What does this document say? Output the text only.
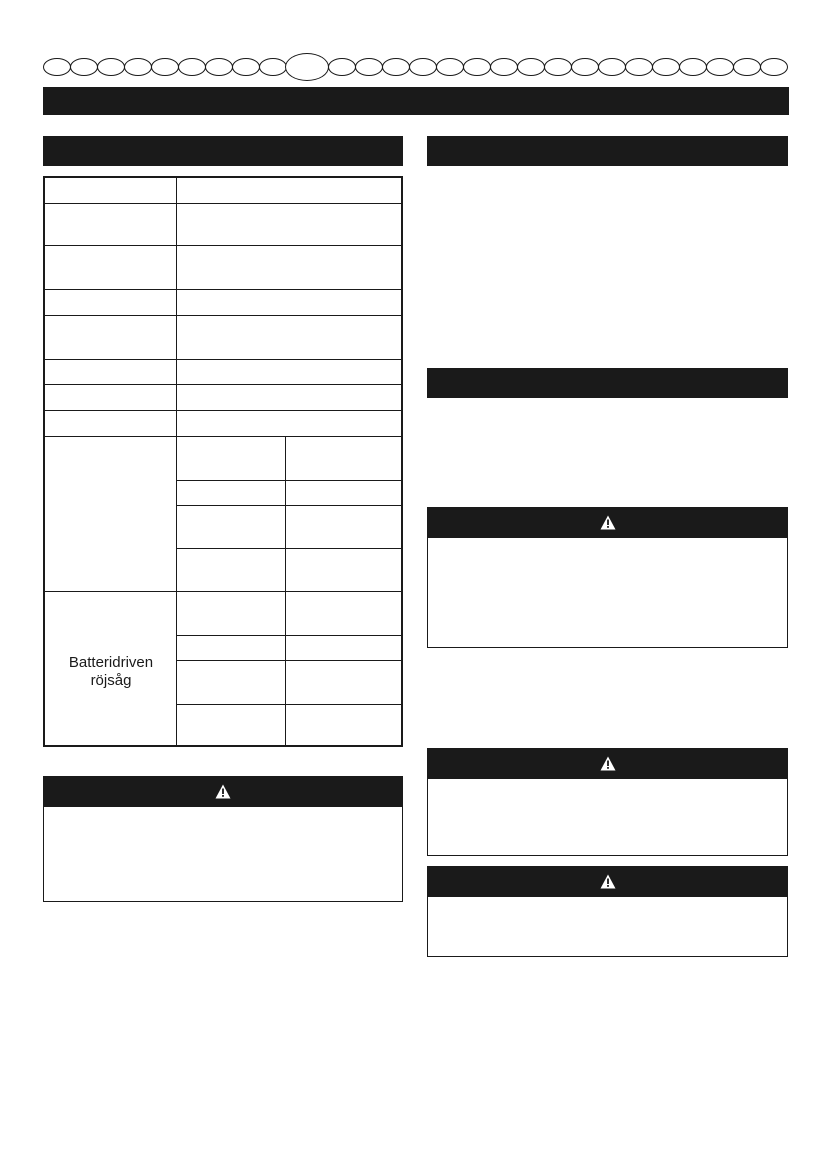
Batteridriven
röjsåg
